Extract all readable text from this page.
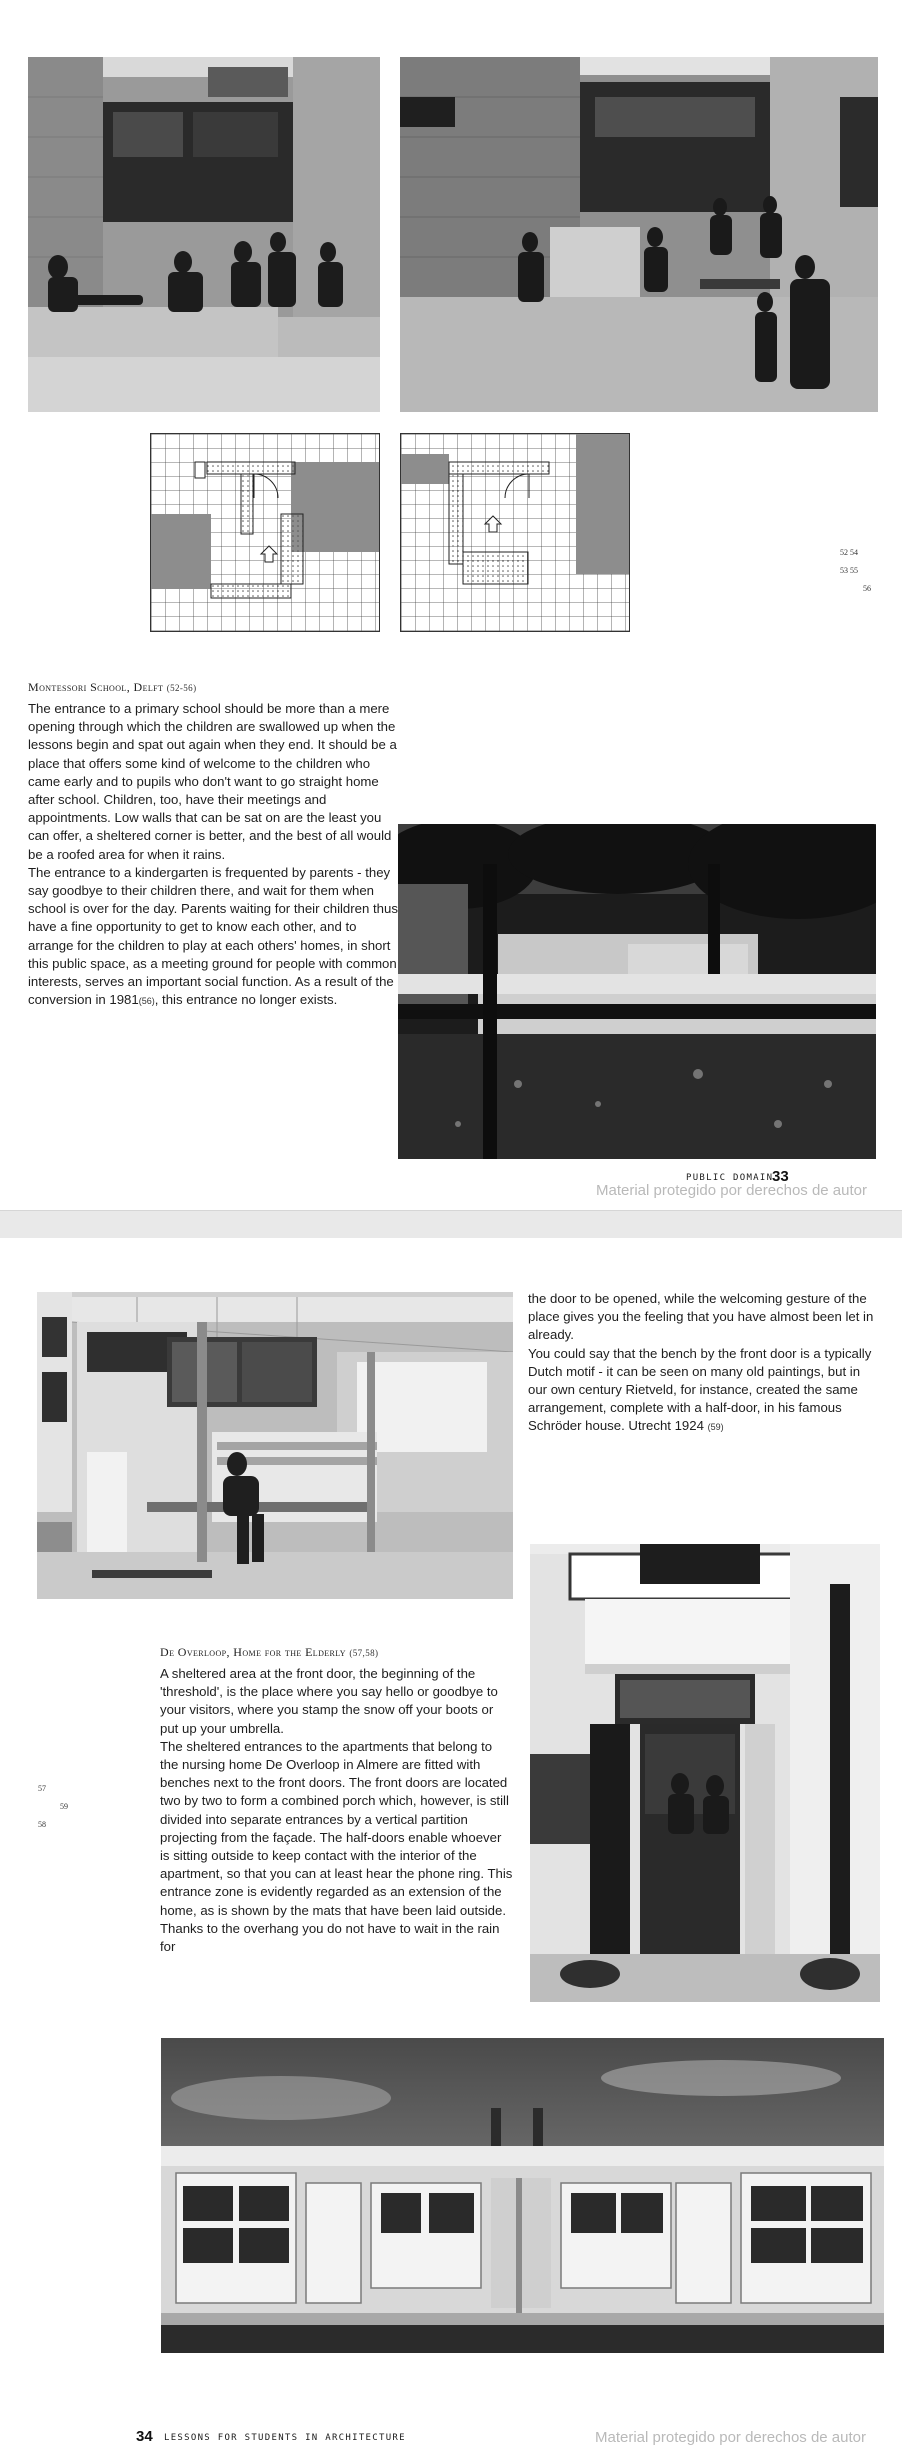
52 54
53 55
56
Montessori School, Delft (52-56)

The entrance to a primary school should be more than a mere opening through which the children are swallowed up when the lessons begin and spat out again when they end. It should be a place that offers some kind of welcome to the children who came early and to pupils who don't want to go straight home after school. Children, too, have their meetings and appointments. Low walls that can be sat on are the least you can offer, a sheltered corner is better, and the best of all would be a roofed area for when it rains.

The entrance to a kindergarten is frequented by parents - they say goodbye to their children there, and wait for them when school is over for the day. Parents waiting for their children thus have a fine opportunity to get to know each other, and to arrange for the children to play at each others' homes, in short this public space, as a meeting ground for people with common interests, serves an important social function. As a result of the conversion in 1981(56), this entrance no longer exists.

PUBLIC DOMAIN
33
Material protegido por derechos de autor

the door to be opened, while the welcoming gesture of the place gives you the feeling that you have almost been let in already.

You could say that the bench by the front door is a typically Dutch motif - it can be seen on many old paintings, but in our own century Rietveld, for instance, created the same arrangement, complete with a half-door, in his famous Schröder house. Utrecht 1924 (59)

De Overloop, Home for the Elderly (57,58)

A sheltered area at the front door, the beginning of the 'threshold', is the place where you say hello or goodbye to your visitors, where you stamp the snow off your boots or put up your umbrella.

The sheltered entrances to the apartments that belong to the nursing home De Overloop in Almere are fitted with benches next to the front doors. The front doors are located two by two to form a combined porch which, however, is still divided into separate entrances by a vertical partition projecting from the façade. The half-doors enable whoever is sitting outside to keep contact with the interior of the apartment, so that you can at least hear the phone ring. This entrance zone is evidently regarded as an extension of the home, as is shown by the mats that have been laid outside. Thanks to the overhang you do not have to wait in the rain for

57
59
58
34 LESSONS FOR STUDENTS IN ARCHITECTURE	Material protegido por derechos de autor
